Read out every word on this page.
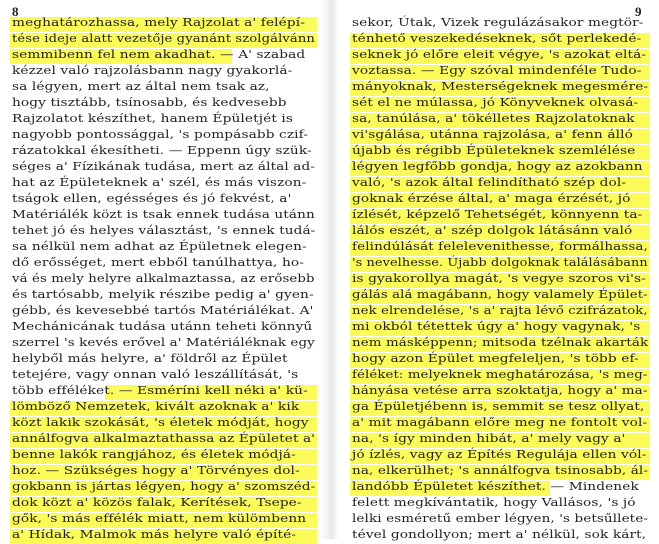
8	9
meghatározhassa, mely Rajzolat a' felépí-
tése ideje alatt vezetője gyanánt szolgálvánn
semmibenn fel nem akadhat. — A' szabad
kézzel való rajzolásbann nagy gyakorlá-
sa légyen, mert az által nem tsak az,
hogy tisztább, tsínosabb, és kedvesebb
Rajzolatot készíthet, hanem Épületjét is
nagyobb pontossággal, 's pompásabb czif-
rázatokkal ékesítheti. — Eppenn úgy szük-
séges a' Fízikának tudása, mert az által ad-
hat az Épületeknek a' szél, és más viszon-
tságok ellen, egésséges és jó fekvést, a'
Matériálék közt is tsak ennek tudása utánn
tehet jó és helyes választást, 's ennek tudá-
sa nélkül nem adhat az Épületnek elegen-
dő erősséget, mert ebből tanúlhattya, ho-
vá és mely helyre alkalmaztassa, az erősebb
és tartósabb, melyik részibe pedig a' gyen-
gébb, és kevesebbé tartós Matériálékat. A'
Mechánicának tudása utánn teheti könnyű
szerrel 's kevés erővel a' Matériáléknak egy
helyből más helyre, a' földről az Épület
tetejére, vagy onnan való leszállítását, 's
több efféléket. — Esméríni kell néki a' kü-
lömböző Nemzetek, kivált azoknak a' kik
közt lakik szokását, 's életek módját, hogy
annálfogva alkalmaztathassa az Épületet a'
benne lakók rangjához, és életek módjá-
hoz. — Szükséges hogy a' Törvényes dol-
gokbann is jártas légyen, hogy a' szomszéd-
dok közt a' közös falak, Kerítések, Tsepe-
gők, 's más effélék miatt, nem külömbenn
a' Hídak, Malmok más helyre való építé-
sekor, Útak, Vizek regulázásakor megtör-
ténhető veszekedéseknek, sőt perlekedé-
seknek jó előre eleit végye, 's azokat eltá-
voztassa. — Egy szóval mindenféle Tudo-
mányoknak, Mesterségeknek megesmére-
sét el ne múlassa, jó Könyveknek olvasá-
sa, tanúlása, a' tökélletes Rajzolatoknak
vi'sgálása, utánna rajzolása, a' fenn álló
újabb és régibb Épületeknek szemlélése
légyen legfőbb gondja, hogy az azokbann
való, 's azok által felindítható szép dol-
goknak érzése által, a' maga érzését, jó
ízlését, képzelő Tehetségét, könnyenn ta-
lálós eszét, a' szép dolgok látásánn való
felindúlását felelevenithesse, formálhassa,
's nevelhesse. Újabb dolgoknak találásábann
is gyakorollya magát, 's vegye szoros vi's-
gálás alá magábann, hogy valamely Épület-
nek elrendelése, 's a' rajta lévő czifrázatok,
mi okból tétettek úgy a' hogy vagynak, 's
nem másképpenn; mitsoda tzélnak akarták
hogy azon Épület megfeleljen, 's több ef-
féléket: melyeknek meghatározása, 's meg-
hányása vetése arra szoktatja, hogy a' ma-
ga Épületjébenn is, semmit se tesz ollyat,
a' mit magábann előre meg ne fontolt vol-
na, 's így minden hibát, a' mely vagy a'
jó ízlés, vagy az Építés Regulája ellen vól-
na, elkerülhet; 's annálfogva tsinosabb, ál-
landóbb Épületet készíthet. — Mindenek
felett megkívántatik, hogy Vallásos, 's jó
lelki esméretű ember légyen, 's betsűllete-
tével gondollyon; mert a' nélkül, sok kárt,
